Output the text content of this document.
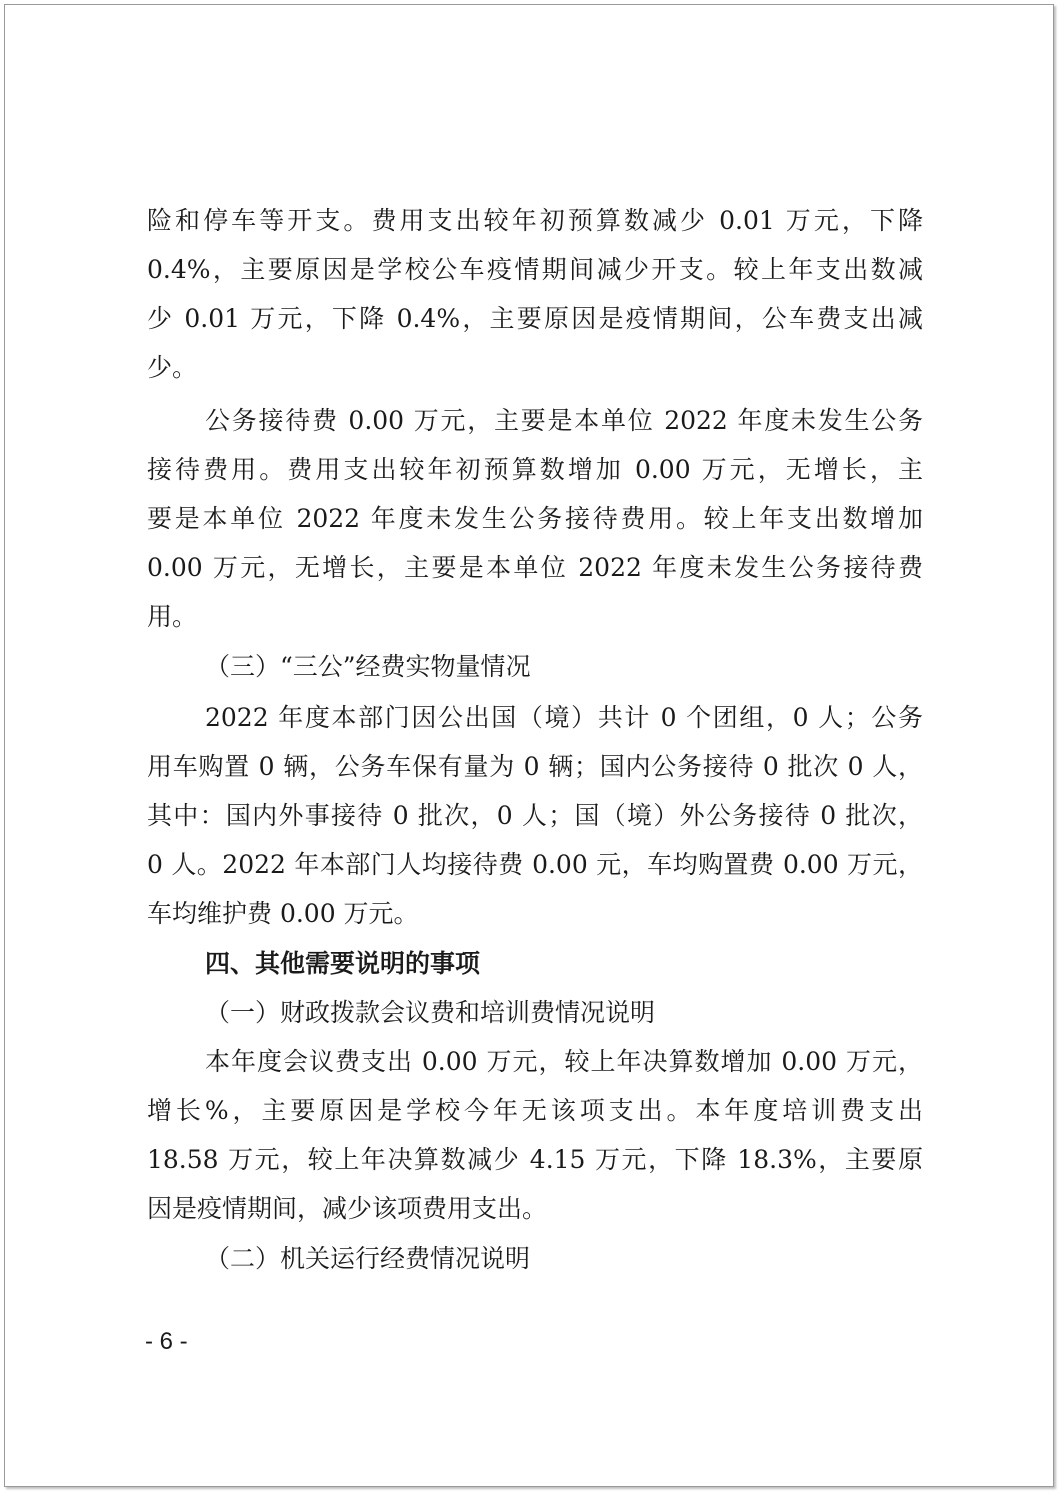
险和停车等开支。费用支出较年初预算数减少 0.01 万元，下降
0.4%，主要原因是学校公车疫情期间减少开支。较上年支出数减
少 0.01 万元，下降 0.4%，主要原因是疫情期间，公车费支出减
少。
公务接待费 0.00 万元，主要是本单位 2022 年度未发生公务
接待费用。费用支出较年初预算数增加 0.00 万元，无增长，主
要是本单位 2022 年度未发生公务接待费用。较上年支出数增加
0.00 万元，无增长，主要是本单位 2022 年度未发生公务接待费
用。
（三）“三公”经费实物量情况
2022 年度本部门因公出国（境）共计 0 个团组，0 人；公务
用车购置 0 辆，公务车保有量为 0 辆；国内公务接待 0 批次 0 人，
其中：国内外事接待 0 批次，0 人；国（境）外公务接待 0 批次，
0 人。2022 年本部门人均接待费 0.00 元，车均购置费 0.00 万元，
车均维护费 0.00 万元。
四、其他需要说明的事项
（一）财政拨款会议费和培训费情况说明
本年度会议费支出 0.00 万元，较上年决算数增加 0.00 万元，
增长%，主要原因是学校今年无该项支出。本年度培训费支出
18.58 万元，较上年决算数减少 4.15 万元，下降 18.3%，主要原
因是疫情期间，减少该项费用支出。
（二）机关运行经费情况说明
- 6 -
